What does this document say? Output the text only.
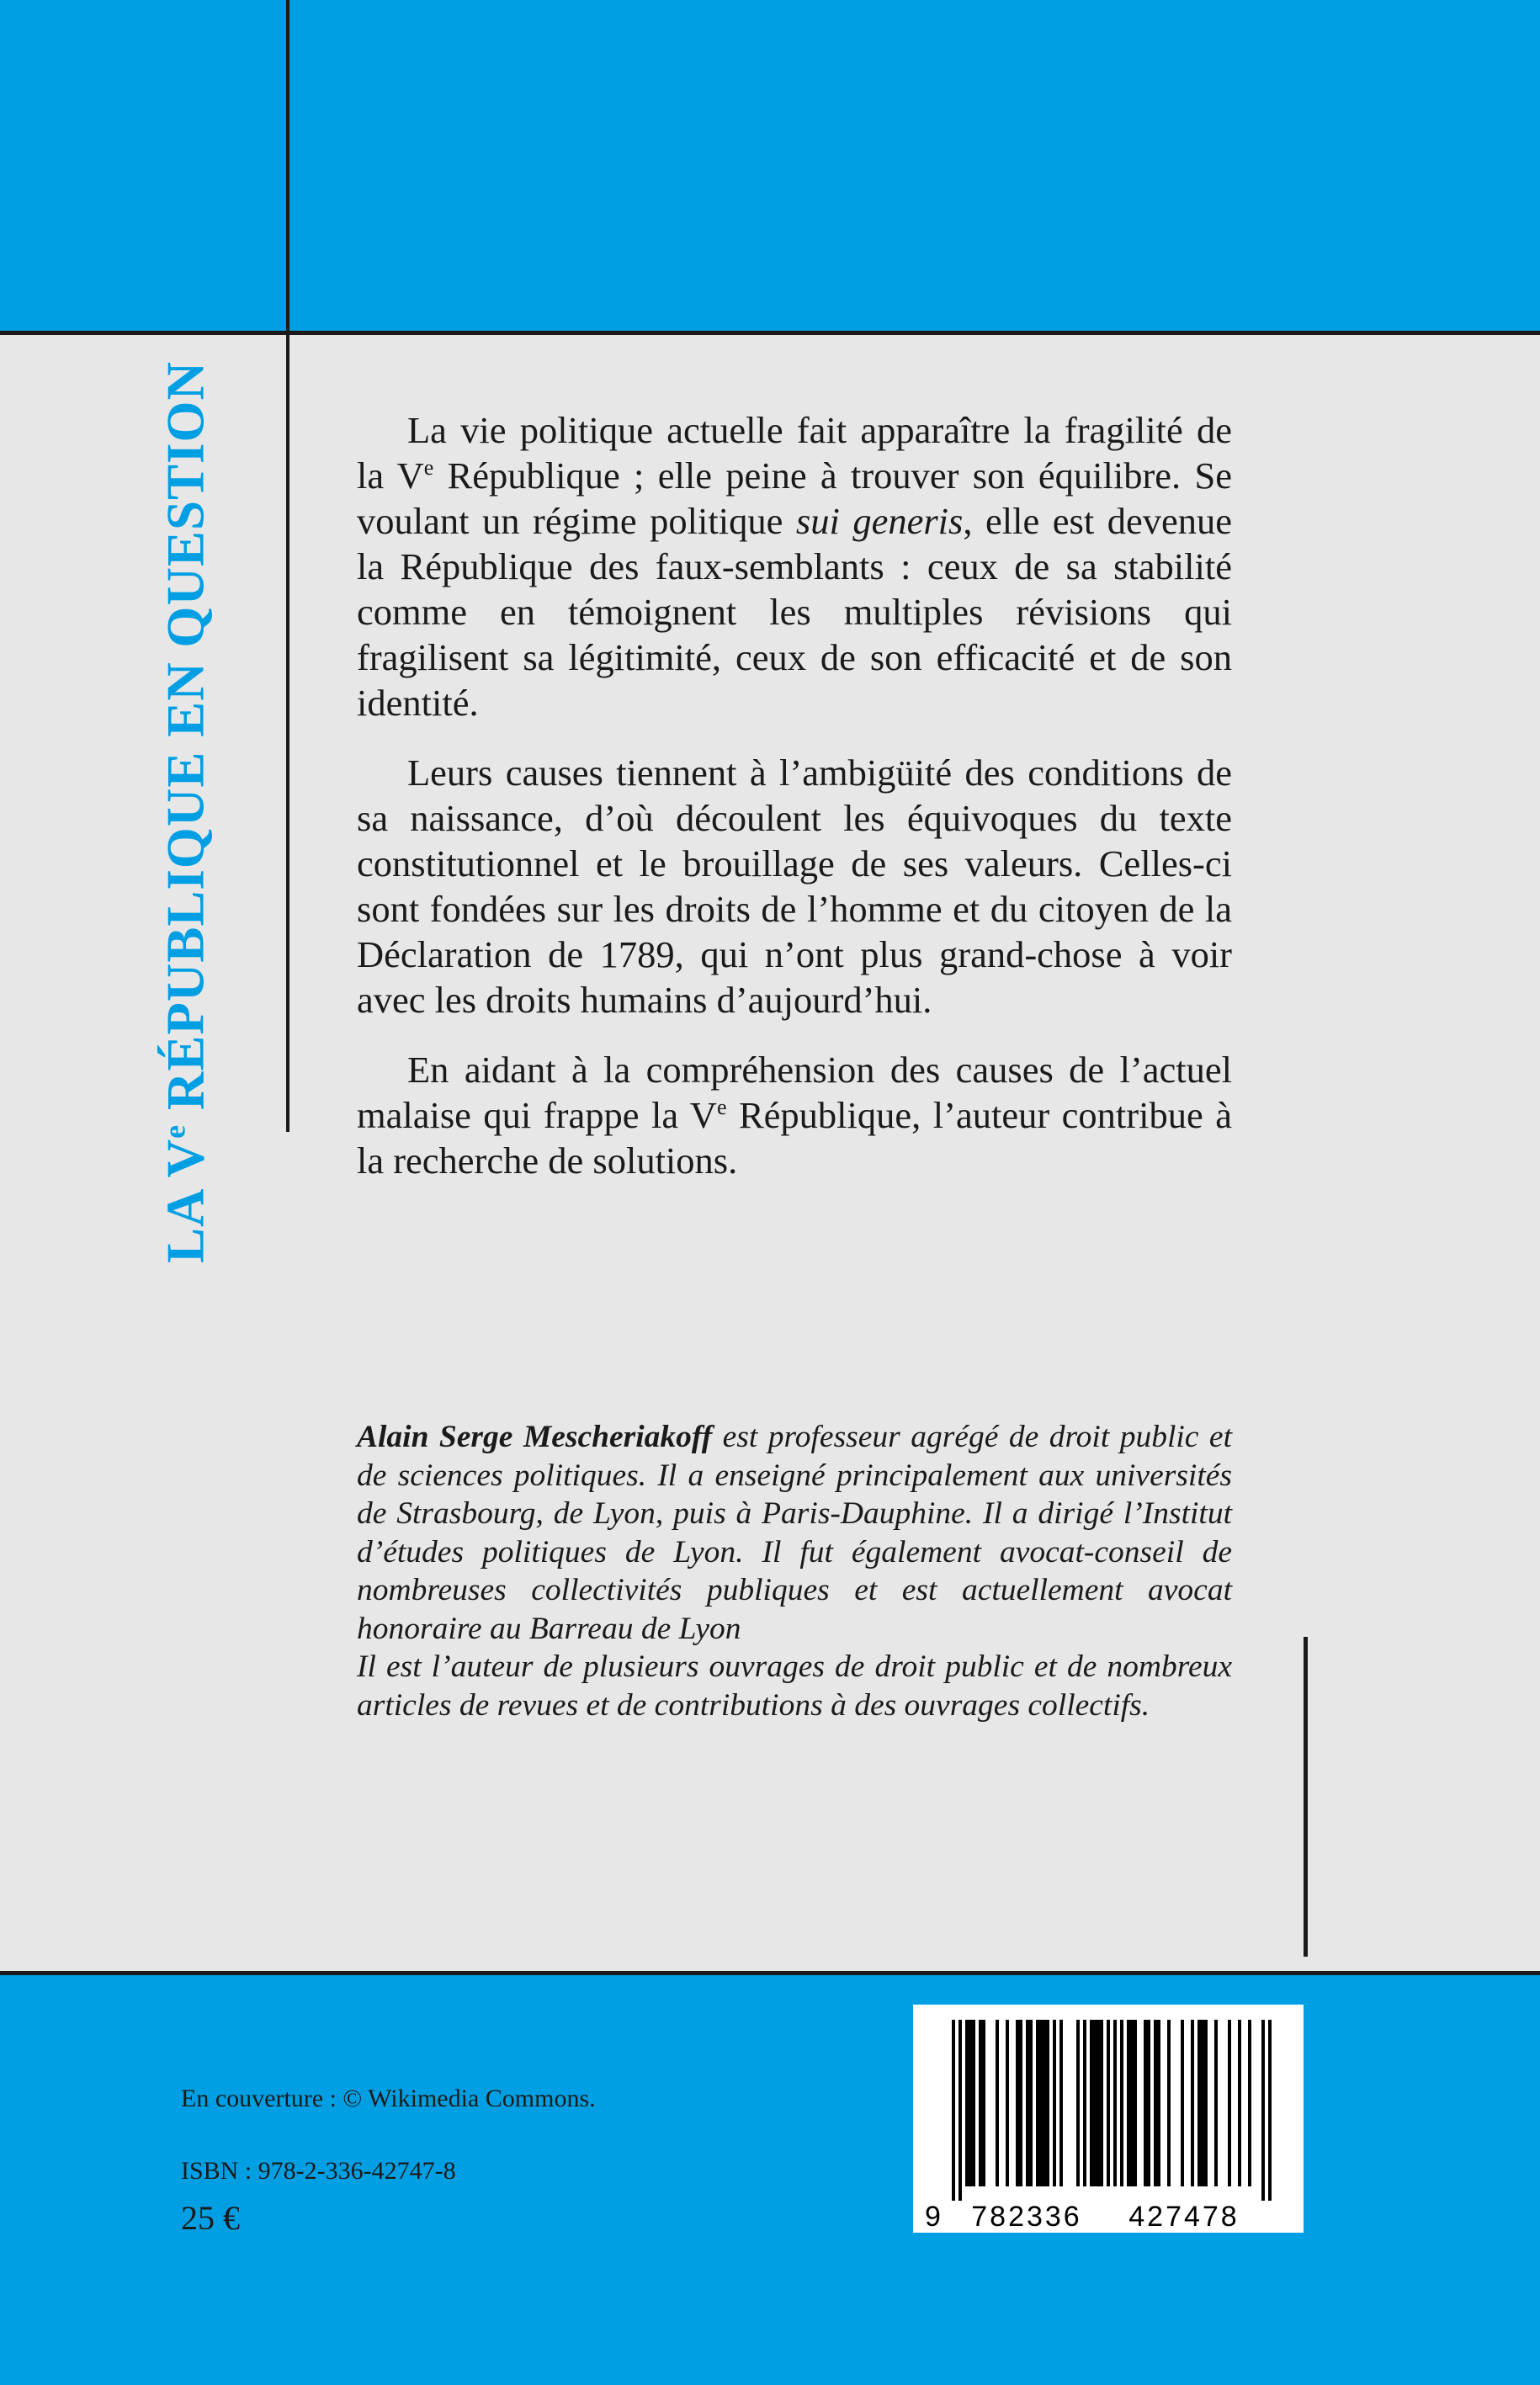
LA Ve RÉPUBLIQUE EN QUESTION	La vie politique actuelle fait apparaître la fragilité de la Ve République ; elle peine à trouver son équilibre. Se voulant un régime politique sui generis, elle est devenue la République des faux-semblants : ceux de sa stabilité comme en témoignent les multiples révisions qui fragilisent sa légitimité, ceux de son efficacité et de son identité.

Leurs causes tiennent à l’ambigüité des conditions de sa naissance, d’où découlent les équivoques du texte constitutionnel et le brouillage de ses valeurs. Celles-ci sont fondées sur les droits de l’homme et du citoyen de la Déclaration de 1789, qui n’ont plus grand-chose à voir avec les droits humains d’aujourd’hui.

En aidant à la compréhension des causes de l’actuel malaise qui frappe la Ve République, l’auteur contribue à la recherche de solutions.

Alain Serge Mescheriakoff est professeur agrégé de droit public et de sciences politiques. Il a enseigné principalement aux universités de Strasbourg, de Lyon, puis à Paris-Dauphine. Il a dirigé l’Institut d’études politiques de Lyon. Il fut également avocat-conseil de nombreuses collectivités publiques et est actuellement avocat honoraire au Barreau de Lyon

Il est l’auteur de plusieurs ouvrages de droit public et de nombreux articles de revues et de contributions à des ouvrages collectifs.

En couverture : © Wikimedia Commons.
ISBN : 978-2-336-42747-8
25 €	9 782336 427478
